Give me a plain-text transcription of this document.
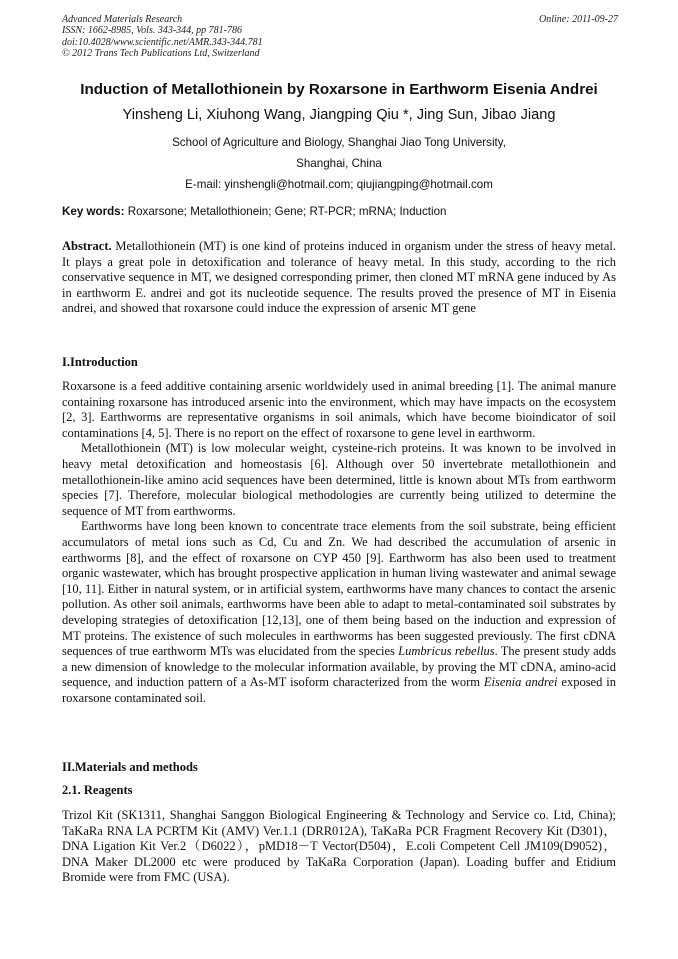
Advanced Materials Research
ISSN: 1662-8985, Vols. 343-344, pp 781-786
doi:10.4028/www.scientific.net/AMR.343-344.781
© 2012 Trans Tech Publications Ltd, Switzerland
Online: 2011-09-27
Induction of Metallothionein by Roxarsone in Earthworm Eisenia Andrei
Yinsheng Li, Xiuhong Wang, Jiangping Qiu *, Jing Sun, Jibao Jiang
School of Agriculture and Biology, Shanghai Jiao Tong University,
Shanghai, China
E-mail: yinshengli@hotmail.com; qiujiangping@hotmail.com
Key words: Roxarsone; Metallothionein; Gene; RT-PCR; mRNA; Induction

Abstract. Metallothionein (MT) is one kind of proteins induced in organism under the stress of heavy metal. It plays a great pole in detoxification and tolerance of heavy metal. In this study, according to the rich conservative sequence in MT, we designed corresponding primer, then cloned MT mRNA gene induced by As in earthworm E. andrei and got its nucleotide sequence. The results proved the presence of MT in Eisenia andrei, and showed that roxarsone could induce the expression of arsenic MT gene

I.Introduction

Roxarsone is a feed additive containing arsenic worldwidely used in animal breeding [1]. The animal manure containing roxarsone has introduced arsenic into the environment, which may have impacts on the ecosystem [2, 3]. Earthworms are representative organisms in soil animals, which have become bioindicator of soil contaminations [4, 5]. There is no report on the effect of roxarsone to gene level in earthworm.

Metallothionein (MT) is low molecular weight, cysteine-rich proteins. It was known to be involved in heavy metal detoxification and homeostasis [6]. Although over 50 invertebrate metallothionein and metallothionein-like amino acid sequences have been determined, little is known about MTs from earthworm species [7]. Therefore, molecular biological methodologies are currently being utilized to determine the sequence of MT from earthworms.

Earthworms have long been known to concentrate trace elements from the soil substrate, being efficient accumulators of metal ions such as Cd, Cu and Zn. We had described the accumulation of arsenic in earthworms [8], and the effect of roxarsone on CYP 450 [9]. Earthworm has also been used to treatment organic wastewater, which has brought prospective application in human living wastewater and animal sewage [10, 11]. Either in natural system, or in artificial system, earthworms have many chances to contact the arsenic pollution. As other soil animals, earthworms have been able to adapt to metal-contaminated soil substrates by developing strategies of detoxification [12,13], one of them being based on the induction and expression of MT proteins. The existence of such molecules in earthworms has been suggested previously. The first cDNA sequences of true earthworm MTs was elucidated from the species Lumbricus rebellus. The present study adds a new dimension of knowledge to the molecular information available, by proving the MT cDNA, amino-acid sequence, and induction pattern of a As-MT isoform characterized from the worm Eisenia andrei exposed in roxarsone contaminated soil.

II.Materials and methods
2.1. Reagents

Trizol Kit (SK1311, Shanghai Sanggon Biological Engineering & Technology and Service co. Ltd, China); TaKaRa RNA LA PCRTM Kit (AMV) Ver.1.1 (DRR012A), TaKaRa PCR Fragment Recovery Kit (D301)，DNA Ligation Kit Ver.2（D6022），pMD18－T Vector(D504)，E.coli Competent Cell JM109(D9052)，DNA Maker DL2000 etc were produced by TaKaRa Corporation (Japan). Loading buffer and Etidium Bromide were from FMC (USA).
